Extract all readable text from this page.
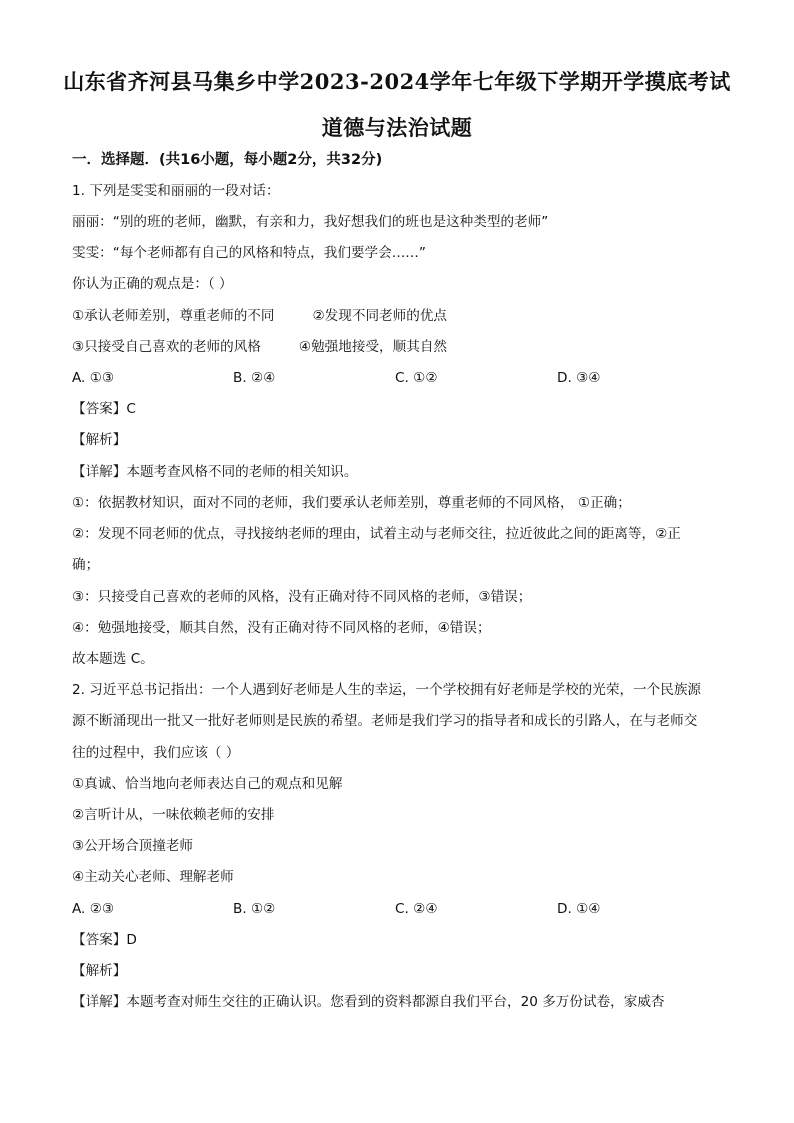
山东省齐河县马集乡中学2023-2024学年七年级下学期开学摸底考试
道德与法治试题
一．选择题．(共16小题，每小题2分，共32分)
1. 下列是雯雯和丽丽的一段对话：
丽丽：“别的班的老师，幽默，有亲和力，我好想我们的班也是这种类型的老师”
雯雯：“每个老师都有自己的风格和特点，我们要学会……”
你认为正确的观点是：（ ）
①承认老师差别，尊重老师的不同	②发现不同老师的优点
③只接受自己喜欢的老师的风格	④勉强地接受，顺其自然
A. ①③	B. ②④	C. ①②	D. ③④
【答案】C
【解析】
【详解】本题考查风格不同的老师的相关知识。
①：依据教材知识，面对不同的老师，我们要承认老师差别，尊重老师的不同风格， ①正确；
②：发现不同老师的优点，寻找接纳老师的理由，试着主动与老师交往，拉近彼此之间的距离等，②正
确；
③：只接受自己喜欢的老师的风格，没有正确对待不同风格的老师，③错误；
④：勉强地接受，顺其自然，没有正确对待不同风格的老师，④错误；
故本题选 C。
2. 习近平总书记指出：一个人遇到好老师是人生的幸运，一个学校拥有好老师是学校的光荣，一个民族源
源不断涌现出一批又一批好老师则是民族的希望。老师是我们学习的指导者和成长的引路人，在与老师交
往的过程中，我们应该（ ）
①真诚、恰当地向老师表达自己的观点和见解
②言听计从，一味依赖老师的安排
③公开场合顶撞老师
④主动关心老师、理解老师
A. ②③	B. ①②	C. ②④	D. ①④
【答案】D
【解析】
【详解】本题考查对师生交往的正确认识。您看到的资料都源自我们平台，20 多万份试卷，家威杏
